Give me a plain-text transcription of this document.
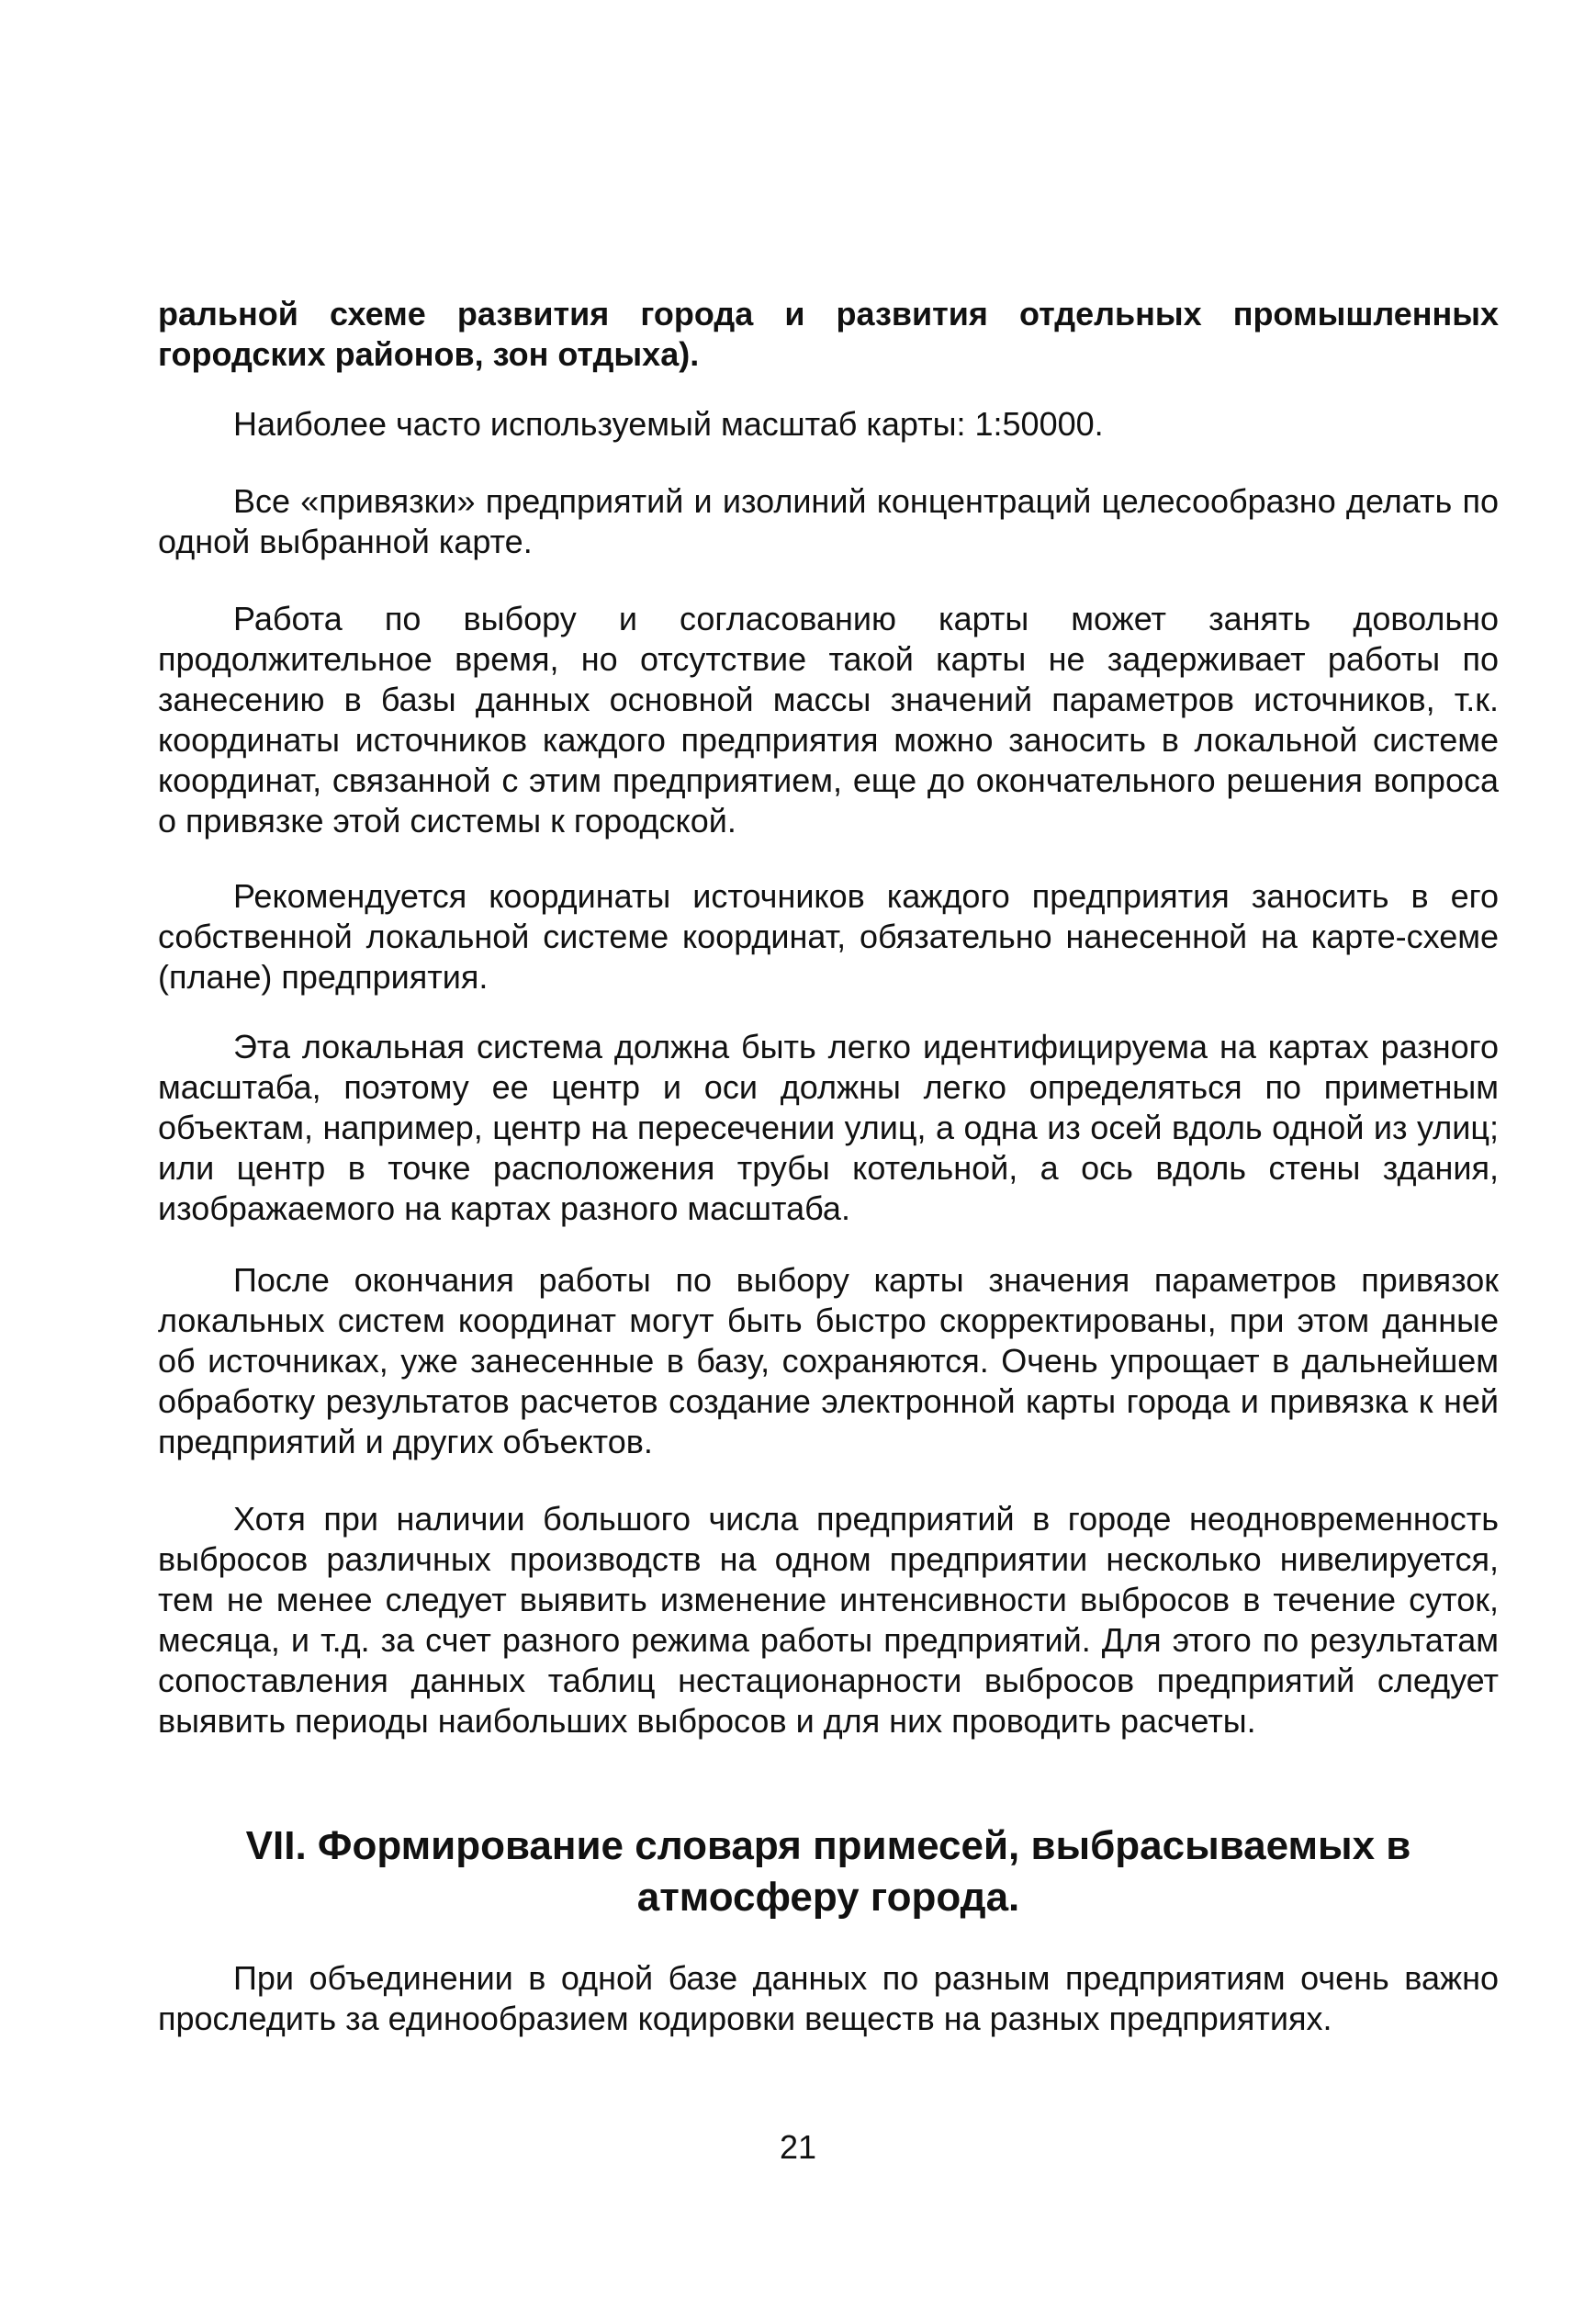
ральной схеме развития города и развития отдельных промышленных городских районов, зон отдыха).

Наиболее часто используемый масштаб карты: 1:50000.

Все «привязки» предприятий и изолиний концентраций целесообразно делать по одной выбранной карте.

Работа по выбору и согласованию карты может занять довольно продолжительное время, но отсутствие такой карты не задерживает работы по занесению в базы данных основной массы значений параметров источников, т.к. координаты источников каждого предприятия можно заносить в локальной системе координат, связанной с этим предприятием, еще до окончательного решения вопроса о привязке этой системы к городской.

Рекомендуется координаты источников каждого предприятия заносить в его собственной локальной системе координат, обязательно нанесенной на карте-схеме (плане) предприятия.

Эта локальная система должна быть легко идентифицируема на картах разного масштаба, поэтому ее центр и оси должны легко определяться по приметным объектам, например, центр на пересечении улиц, а одна из осей вдоль одной из улиц; или центр в точке расположения трубы котельной, а ось вдоль стены здания, изображаемого на картах разного масштаба.

После окончания работы по выбору карты значения параметров привязок локальных систем координат могут быть быстро скорректированы, при этом данные об источниках, уже занесенные в базу, сохраняются. Очень упрощает в дальнейшем обработку результатов расчетов создание электронной карты города и привязка к ней предприятий и других объектов.

Хотя при наличии большого числа предприятий в городе неодновременность выбросов различных производств на одном предприятии несколько нивелируется, тем не менее следует выявить изменение интенсивности выбросов в течение суток, месяца, и т.д. за счет разного режима работы предприятий. Для этого по результатам сопоставления данных таблиц нестационарности выбросов предприятий следует выявить периоды наибольших выбросов и для них проводить расчеты.

VII. Формирование словаря примесей, выбрасываемых в атмосферу города.

При объединении в одной базе данных по разным предприятиям очень важно проследить за единообразием кодировки веществ на разных предприятиях.

21
